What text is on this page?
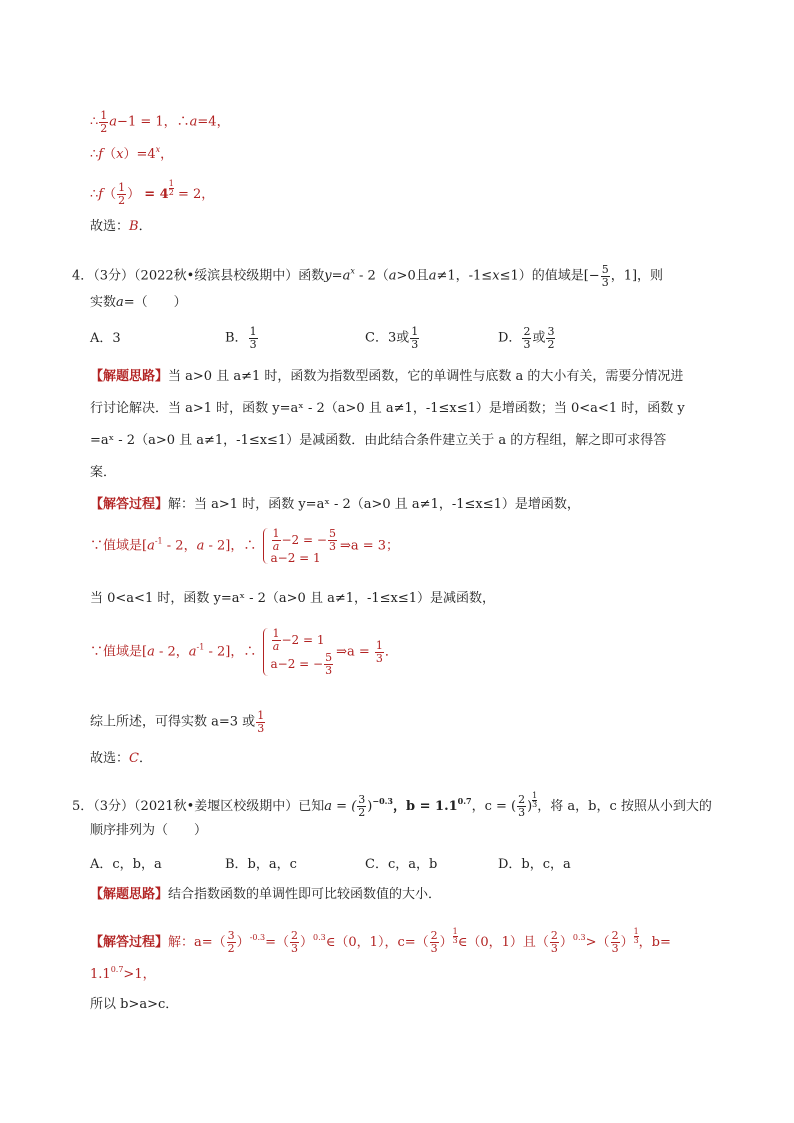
∴ $\frac{1}{2} a-1 = 1$，∴a=4，
$\therefore f(x)=4^x$，
∴f（ $\frac{1}{2}$ ） = 4 $^{\frac{1}{2}}$ = 2，
故选：B．
4．（3分）（2022秋•绥滨县校级期中）函数$y=a^x - 2(a>0$且a≠1，-1≤x≤1）的值域是[− $\frac{5}{3}$ ，1]，则
实数a=（　　）
A．3	B． $\frac{1}{3}$	C．3或 $\frac{1}{3}$	D． $\frac{2}{3}$ 或 $\frac{3}{2}$
【解题思路】当 a>0 且 a≠1 时，函数为指数型函数，它的单调性与底数 a 的大小有关，需要分情况进
行讨论解决．当 a>1 时，函数 y=aˣ - 2（a>0 且 a≠1，-1≤x≤1）是增函数；当 0<a<1 时，函数 y
=aˣ - 2（a>0 且 a≠1，-1≤x≤1）是减函数．由此结合条件建立关于 a 的方程组，解之即可求得答
案．
【解答过程】解：当 a>1 时，函数 y=aˣ - 2（a>0 且 a≠1，-1≤x≤1）是增函数，
∵值域是[$a^{-1} - 2$，a - 2]，∴ $\frac{1}{a} -2$ = − $\frac{5}{3}$
a−2 = 1
⇒a = 3；
当 0<a<1 时，函数 y=aˣ - 2（a>0 且 a≠1，-1≤x≤1）是减函数，
∵值域是[a - 2，$a^{-1} - 2$]，∴ $\frac{1}{a} -2 = 1$
a−2 = − $\frac{5}{3}$ ⇒a = $\frac{1}{3}$ ．
综上所述，可得实数 a=3 或 $\frac{1}{3}$
故选：C．
5．（3分）（2021秋•姜堰区校级期中）已知a = ( $\frac{3}{2} )^{-0.3}$，$b = 1.1^{0.7}$，c = ( $\frac{2}{3}$ ) $^{\frac{1}{3}}$ ，将 a，b，c 按照从小到大的
顺序排列为（　　）
A．c，b，a	B．b，a，c	C．c，a，b	D．b，c，a
【解题思路】结合指数函数的单调性即可比较函数值的大小．
【解答过程】解：$a=( \frac{3}{2} )^{-0.3}=( \frac{2}{3}$ ）$^{0.3}\in(0$，1），$c=( \frac{2}{3}$ ） $^{\frac{1}{3}}$ ∈（0，1）且（ $\frac{2}{3} )^{0.3}>( \frac{2}{3}$ ） $^{\frac{1}{3}}$ ，b=
$1.1^{0.7}>1$，
所以 b>a>c．
